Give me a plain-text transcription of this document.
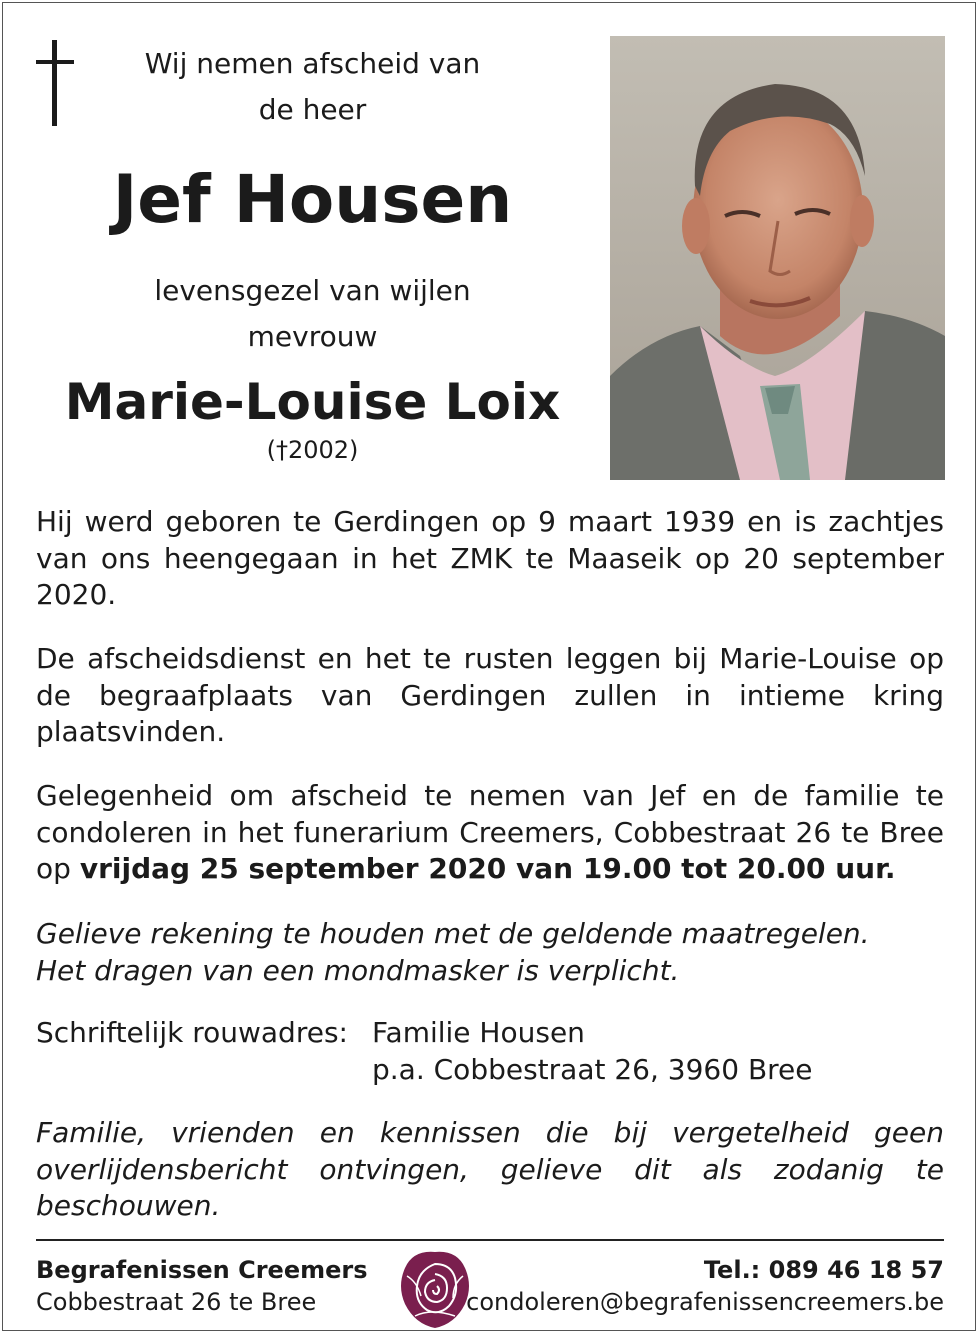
Wij nemen afscheid van
de heer
Jef Housen
levensgezel van wijlen
mevrouw
Marie-Louise Loix
(†2002)
Hij werd geboren te Gerdingen op 9 maart 1939 en is zachtjes van ons heengegaan in het ZMK te Maaseik op 20 september 2020.
De afscheidsdienst en het te rusten leggen bij Marie-Louise op de begraafplaats van Gerdingen zullen in intieme kring plaatsvinden.
Gelegenheid om afscheid te nemen van Jef en de familie te condoleren in het funerarium Creemers, Cobbestraat 26 te Bree op vrijdag 25 september 2020 van 19.00 tot 20.00 uur.
Gelieve rekening te houden met de geldende maatregelen.
Het dragen van een mondmasker is verplicht.
Schriftelijk rouwadres: Familie Housen
p.a. Cobbestraat 26, 3960 Bree
Familie, vrienden en kennissen die bij vergetelheid geen overlijdensbericht ontvingen, gelieve dit als zodanig te beschouwen.
Begrafenissen Creemers
Cobbestraat 26 te Bree
Tel.: 089 46 18 57
condoleren@begrafenissencreemers.be
